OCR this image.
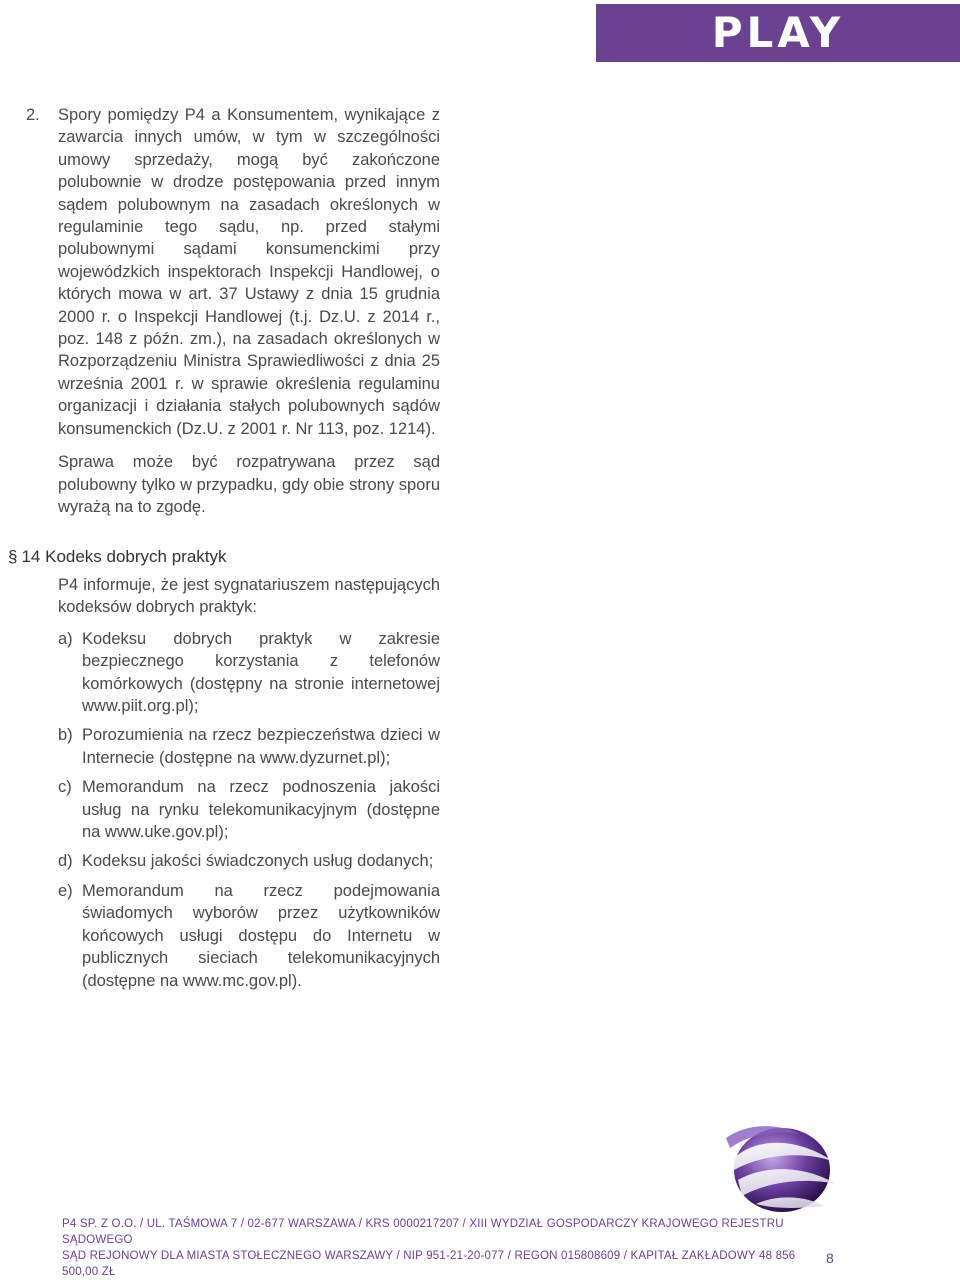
PLAY
2.	Spory pomiędzy P4 a Konsumentem, wynikające z zawarcia innych umów, w tym w szczególności umowy sprzedaży, mogą być zakończone polubownie w drodze postępowania przed innym sądem polubownym na zasadach określonych w regulaminie tego sądu, np. przed stałymi polubownymi sądami konsumenckimi przy wojewódzkich inspektorach Inspekcji Handlowej, o których mowa w art. 37 Ustawy z dnia 15 grudnia 2000 r. o Inspekcji Handlowej (t.j. Dz.U. z 2014 r., poz. 148 z późn. zm.), na zasadach określonych w Rozporządzeniu Ministra Sprawiedliwości z dnia 25 września 2001 r. w sprawie określenia regulaminu organizacji i działania stałych polubownych sądów konsumenckich (Dz.U. z 2001 r. Nr 113, poz. 1214).
Sprawa może być rozpatrywana przez sąd polubowny tylko w przypadku, gdy obie strony sporu wyrażą na to zgodę.
§ 14 Kodeks dobrych praktyk
P4 informuje, że jest sygnatariuszem następujących kodeksów dobrych praktyk:
a) Kodeksu dobrych praktyk w zakresie bezpiecznego korzystania z telefonów komórkowych (dostępny na stronie internetowej www.piit.org.pl);
b) Porozumienia na rzecz bezpieczeństwa dzieci w Internecie (dostępne na www.dyzurnet.pl);
c) Memorandum na rzecz podnoszenia jakości usług na rynku telekomunikacyjnym (dostępne na www.uke.gov.pl);
d) Kodeksu jakości świadczonych usług dodanych;
e) Memorandum na rzecz podejmowania świadomych wyborów przez użytkowników końcowych usługi dostępu do Internetu w publicznych sieciach telekomunikacyjnych (dostępne na www.mc.gov.pl).
P4 SP. Z O.O. / UL. TAŚMOWA 7 / 02-677 WARSZAWA / KRS 0000217207 / XIII WYDZIAŁ GOSPODARCZY KRAJOWEGO REJESTRU SĄDOWEGO
SĄD REJONOWY DLA MIASTA STOŁECZNEGO WARSZAWY / NIP 951-21-20-077 / REGON 015808609 / KAPITAŁ ZAKŁADOWY 48 856 500,00 ZŁ
8
